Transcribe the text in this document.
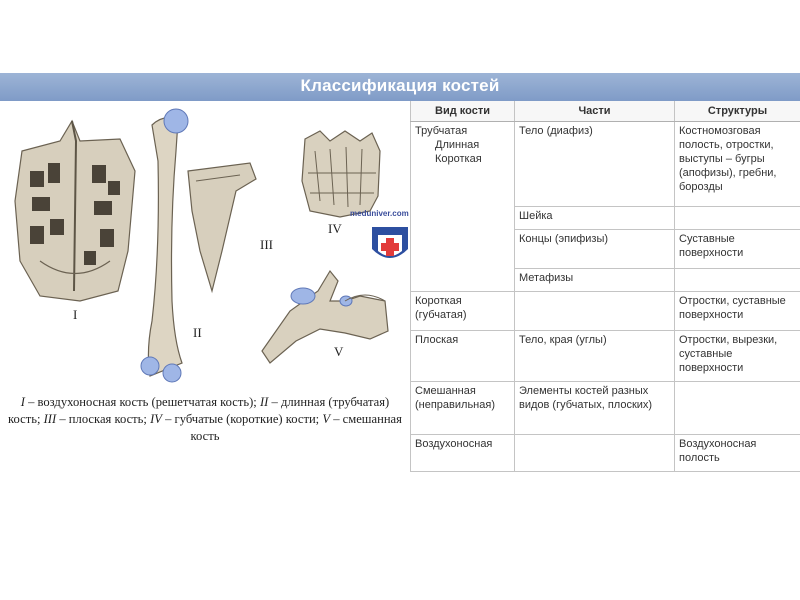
Классификация костей
I
II
III
IV
V
meduniver.com
I – воздухоносная кость (решетчатая кость); II – длинная (трубчатая) кость; III – плоская кость; IV – губчатые (короткие) кости; V – смешанная кость
Вид кости	Части	Структуры
Трубчатая
Длинная
Короткая	Тело (диафиз)	Костномозговая полость, отростки, выступы – бугры (апофизы), гребни, борозды
	Шейка	
	Концы (эпифизы)	Суставные поверхности
	Метафизы	
Короткая (губчатая)		Отростки, суставные поверхности
Плоская	Тело, края (углы)	Отростки, вырезки, суставные поверхности
Смешанная (неправильная)	Элементы костей разных видов (губчатых, плоских)	
Воздухоносная		Воздухоносная полость
